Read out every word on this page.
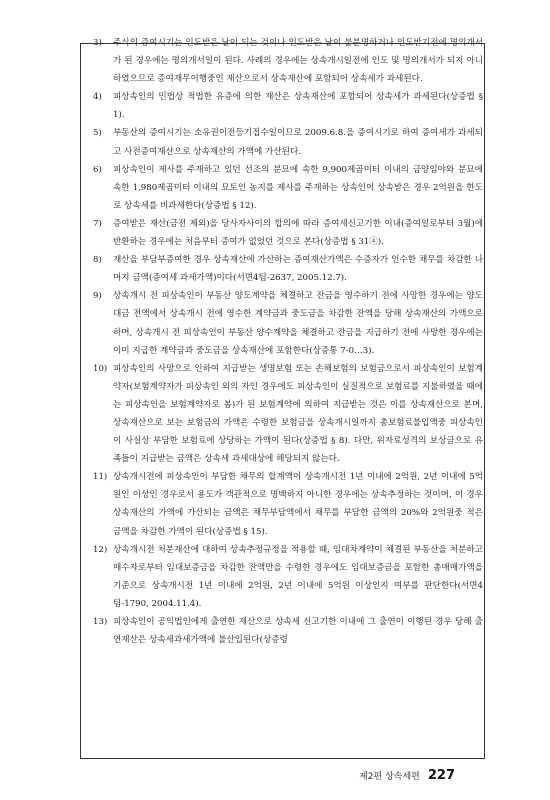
3)	주식의 증여시기는 인도받은 날이 되는 것이나 인도받은 날이 불분명하거나 인도받기전에 명의개서가 된 경우에는 명의개서일이 된다. 사례의 경우에는 상속개시일전에 인도 및 명의개서가 되지 아니하였으므로 증여재무이행중인 재산으로서 상속재산에 포함되어 상속세가 과세된다.
4)	피상속인의 민법상 적법한 유증에 의한 재산은 상속재산에 포함되어 상속세가 과세된다(상증법 § 1).
5)	부동산의 증여시기는 소유권이전등기접수일이므로 2009.6.8.을 증여시기로 하여 증여세가 과세되고 사전증여재산으로 상속재산의 가액에 가산된다.
6)	피상속인이 제사를 주재하고 있던 선조의 분묘에 속한 9,900제곱미터 이내의 금양임야와 분묘에 속한 1,980제곱미터 이내의 묘토인 농지를 제사를 주재하는 상속인이 상속받은 경우 2억원을 한도로 상속세를 비과세한다(상증법 § 12).
7)	증여받은 재산(금전 제외)을 당사자사이의 합의에 따라 증여세신고기한 이내(증여일로부터 3월)에 반환하는 경우에는 처음부터 증여가 없었던 것으로 본다(상증법 § 31④).
8)	재산을 부담부증여한 경우 상속재산에 가산하는 증여재산가액은 수증자가 인수한 채무를 차감한 나머지 금액(증여세 과세가액)이다(서면4팀-2637, 2005.12.7).
9)	상속개시 전 피상속인이 부동산 양도계약을 체결하고 잔금을 영수하기 전에 사망한 경우에는 양도대금 전액에서 상속개시 전에 영수한 계약금과 중도금을 차감한 잔액을 당해 상속재산의 가액으로 하며, 상속개시 전 피상속인이 부동산 양수계약을 체결하고 잔금을 지급하기 전에 사망한 경우에는 이미 지급한 계약금과 중도금을 상속재산에 포함한다(상증통 7-0…3).
10) 피상속인의 사망으로 인하여 지급받는 생명보험 또는 손해보험의 보험금으로서 피상속인이 보험계약자(보험계약자가 피상속인 외의 자인 경우에도 피상속인이 실질적으로 보험료를 지불하였을 때에는 피상속인을 보험계약자로 봄)가 된 보험계약에 의하여 지급받는 것은 이를 상속재산으로 본며, 상속재산으로 보는 보험금의 가액은 수령한 보험금을 상속개시일까지 총보험료불입액중 피상속인이 사실상 부담한 보험료에 상당하는 가액이 된다(상증법 § 8). 다만, 위자료성격의 보상금으로 유족들이 지급받는 금액은 상속세 과세대상에 해당되지 않는다.
11) 상속개시전에 피상속인이 부담한 채무의 합계액이 상속개시전 1년 이내에 2억원, 2년 이내에 5억원인 이상인 경우로서 용도가 객관적으로 명백하지 아니한 경우에는 상속추정하는 것이며, 이 경우 상속재산의 가액에 가산되는 금액은 채무부담액에서 채무를 부담한 금액의 20%와 2억원중 적은 금액을 차감한 가액이 된다(상증법 § 15).
12) 상속개시전 처분재산에 대하여 상속추정규정을 적용할 때, 임대차계약이 체결된 부동산을 처분하고 매수자로부터 임대보증금을 차감한 잔액만을 수령한 경우에도 임대보증금을 포함한 총매매가액을 기준으로 상속개시전 1년 이내에 2억원, 2년 이내에 5억원 이상인지 여부를 판단한다(서면4팀-1790, 2004.11.4).
13) 피상속인이 공익법인에게 출연한 재산으로 상속세 신고기한 이내에 그 출연이 이행된 경우 당해 출연재산은 상속세과세가액에 불산입된다(상증령
제2편 상속세편 227
